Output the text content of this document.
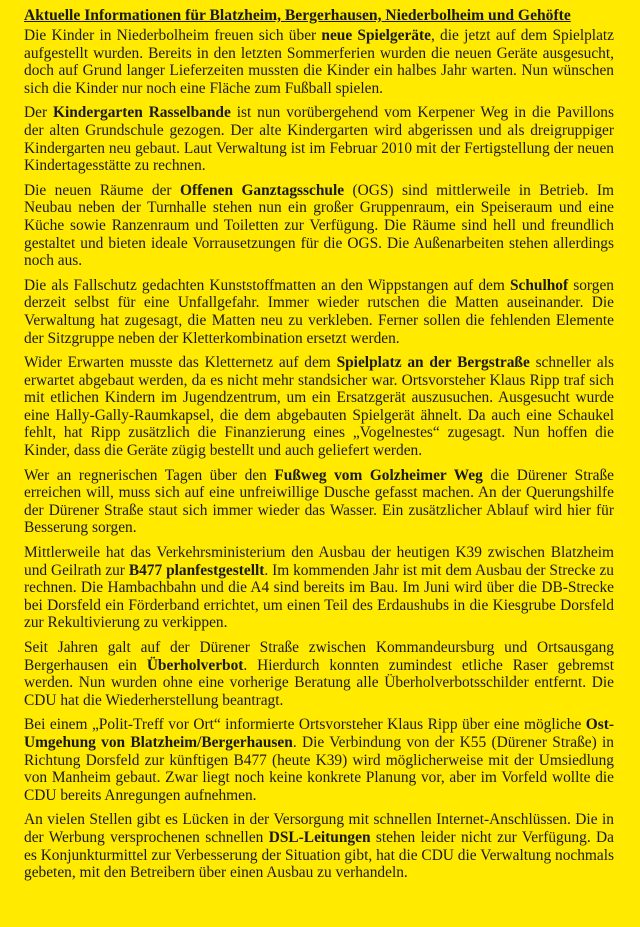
Aktuelle Informationen für Blatzheim, Bergerhausen, Niederbolheim und Gehöfte

Die Kinder in Niederbolheim freuen sich über neue Spielgeräte, die jetzt auf dem Spielplatz aufgestellt wurden. Bereits in den letzten Sommerferien wurden die neuen Geräte ausgesucht, doch auf Grund langer Lieferzeiten mussten die Kinder ein halbes Jahr warten. Nun wünschen sich die Kinder nur noch eine Fläche zum Fußball spielen.

Der Kindergarten Rasselbande ist nun vorübergehend vom Kerpener Weg in die Pavillons der alten Grundschule gezogen. Der alte Kindergarten wird abgerissen und als dreigruppiger Kindergarten neu gebaut. Laut Verwaltung ist im Februar 2010 mit der Fertigstellung der neuen Kindertagesstätte zu rechnen.

Die neuen Räume der Offenen Ganztagsschule (OGS) sind mittlerweile in Betrieb. Im Neubau neben der Turnhalle stehen nun ein großer Gruppenraum, ein Speiseraum und eine Küche sowie Ranzenraum und Toiletten zur Verfügung. Die Räume sind hell und freundlich gestaltet und bieten ideale Vorrausetzungen für die OGS. Die Außenarbeiten stehen allerdings noch aus.

Die als Fallschutz gedachten Kunststoffmatten an den Wippstangen auf dem Schulhof sorgen derzeit selbst für eine Unfallgefahr. Immer wieder rutschen die Matten auseinander. Die Verwaltung hat zugesagt, die Matten neu zu verkleben. Ferner sollen die fehlenden Elemente der Sitzgruppe neben der Kletterkombination ersetzt werden.

Wider Erwarten musste das Kletternetz auf dem Spielplatz an der Bergstraße schneller als erwartet abgebaut werden, da es nicht mehr standsicher war. Ortsvorsteher Klaus Ripp traf sich mit etlichen Kindern im Jugendzentrum, um ein Ersatzgerät auszusuchen. Ausgesucht wurde eine Hally-Gally-Raumkapsel, die dem abgebauten Spielgerät ähnelt. Da auch eine Schaukel fehlt, hat Ripp zusätzlich die Finanzierung eines „Vogelnestes“ zugesagt. Nun hoffen die Kinder, dass die Geräte zügig bestellt und auch geliefert werden.

Wer an regnerischen Tagen über den Fußweg vom Golzheimer Weg die Dürener Straße erreichen will, muss sich auf eine unfreiwillige Dusche gefasst machen. An der Querungshilfe der Dürener Straße staut sich immer wieder das Wasser. Ein zusätzlicher Ablauf wird hier für Besserung sorgen.

Mittlerweile hat das Verkehrsministerium den Ausbau der heutigen K39 zwischen Blatzheim und Geilrath zur B477 planfestgestellt. Im kommenden Jahr ist mit dem Ausbau der Strecke zu rechnen. Die Hambachbahn und die A4 sind bereits im Bau. Im Juni wird über die DB-Strecke bei Dorsfeld ein Förderband errichtet, um einen Teil des Erdaushubs in die Kiesgrube Dorsfeld zur Rekultivierung zu verkippen.

Seit Jahren galt auf der Dürener Straße zwischen Kommandeursburg und Ortsausgang Bergerhausen ein Überholverbot. Hierdurch konnten zumindest etliche Raser gebremst werden. Nun wurden ohne eine vorherige Beratung alle Überholverbotsschilder entfernt. Die CDU hat die Wiederherstellung beantragt.

Bei einem „Polit-Treff vor Ort“ informierte Ortsvorsteher Klaus Ripp über eine mögliche Ost-Umgehung von Blatzheim/Bergerhausen. Die Verbindung von der K55 (Dürener Straße) in Richtung Dorsfeld zur künftigen B477 (heute K39) wird möglicherweise mit der Umsiedlung von Manheim gebaut. Zwar liegt noch keine konkrete Planung vor, aber im Vorfeld wollte die CDU bereits Anregungen aufnehmen.

An vielen Stellen gibt es Lücken in der Versorgung mit schnellen Internet-Anschlüssen. Die in der Werbung versprochenen schnellen DSL-Leitungen stehen leider nicht zur Verfügung. Da es Konjunkturmittel zur Verbesserung der Situation gibt, hat die CDU die Verwaltung nochmals gebeten, mit den Betreibern über einen Ausbau zu verhandeln.
